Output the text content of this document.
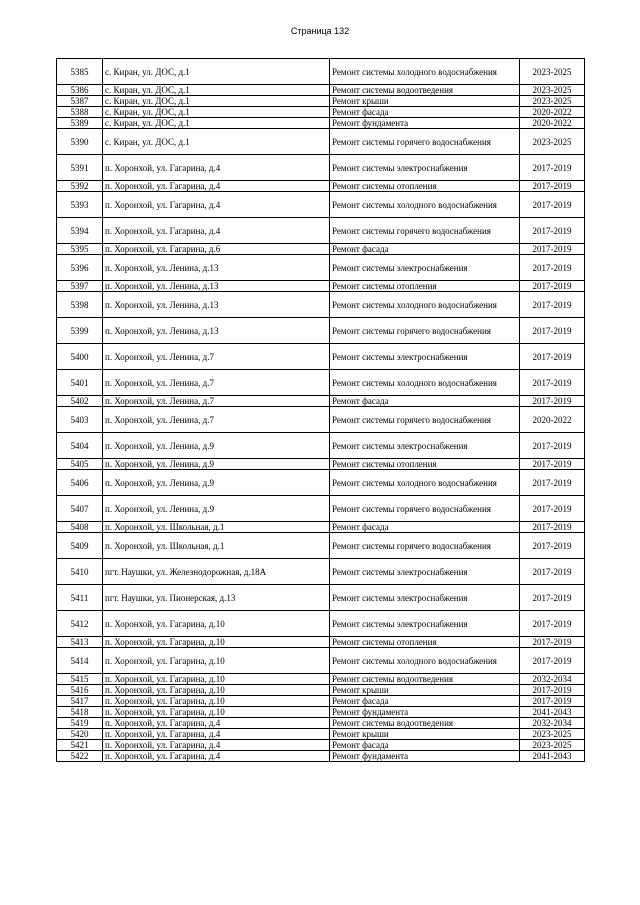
Страница 132
5385	с. Киран, ул. ДОС, д.1	Ремонт системы холодного водоснабжения	2023-2025
5386	с. Киран, ул. ДОС, д.1	Ремонт системы водоотведения	2023-2025
5387	с. Киран, ул. ДОС, д.1	Ремонт крыши	2023-2025
5388	с. Киран, ул. ДОС, д.1	Ремонт фасада	2020-2022
5389	с. Киран, ул. ДОС, д.1	Ремонт фундамента	2020-2022
5390	с. Киран, ул. ДОС, д.1	Ремонт системы горячего водоснабжения	2023-2025
5391	п. Хоронхой, ул. Гагарина, д.4	Ремонт системы электроснабжения	2017-2019
5392	п. Хоронхой, ул. Гагарина, д.4	Ремонт системы отопления	2017-2019
5393	п. Хоронхой, ул. Гагарина, д.4	Ремонт системы холодного водоснабжения	2017-2019
5394	п. Хоронхой, ул. Гагарина, д.4	Ремонт системы горячего водоснабжения	2017-2019
5395	п. Хоронхой, ул. Гагарина, д.6	Ремонт фасада	2017-2019
5396	п. Хоронхой, ул. Ленина, д.13	Ремонт системы электроснабжения	2017-2019
5397	п. Хоронхой, ул. Ленина, д.13	Ремонт системы отопления	2017-2019
5398	п. Хоронхой, ул. Ленина, д.13	Ремонт системы холодного водоснабжения	2017-2019
5399	п. Хоронхой, ул. Ленина, д.13	Ремонт системы горячего водоснабжения	2017-2019
5400	п. Хоронхой, ул. Ленина, д.7	Ремонт системы электроснабжения	2017-2019
5401	п. Хоронхой, ул. Ленина, д.7	Ремонт системы холодного водоснабжения	2017-2019
5402	п. Хоронхой, ул. Ленина, д.7	Ремонт фасада	2017-2019
5403	п. Хоронхой, ул. Ленина, д.7	Ремонт системы горячего водоснабжения	2020-2022
5404	п. Хоронхой, ул. Ленина, д.9	Ремонт системы электроснабжения	2017-2019
5405	п. Хоронхой, ул. Ленина, д.9	Ремонт системы отопления	2017-2019
5406	п. Хоронхой, ул. Ленина, д.9	Ремонт системы холодного водоснабжения	2017-2019
5407	п. Хоронхой, ул. Ленина, д.9	Ремонт системы горячего водоснабжения	2017-2019
5408	п. Хоронхой, ул. Школьная, д.1	Ремонт фасада	2017-2019
5409	п. Хоронхой, ул. Школьная, д.1	Ремонт системы горячего водоснабжения	2017-2019
5410	пгт. Наушки, ул. Железнодорожная, д.18А	Ремонт системы электроснабжения	2017-2019
5411	пгт. Наушки, ул. Пионерская, д.13	Ремонт системы электроснабжения	2017-2019
5412	п. Хоронхой, ул. Гагарина, д.10	Ремонт системы электроснабжения	2017-2019
5413	п. Хоронхой, ул. Гагарина, д.10	Ремонт системы отопления	2017-2019
5414	п. Хоронхой, ул. Гагарина, д.10	Ремонт системы холодного водоснабжения	2017-2019
5415	п. Хоронхой, ул. Гагарина, д.10	Ремонт системы водоотведения	2032-2034
5416	п. Хоронхой, ул. Гагарина, д.10	Ремонт крыши	2017-2019
5417	п. Хоронхой, ул. Гагарина, д.10	Ремонт фасада	2017-2019
5418	п. Хоронхой, ул. Гагарина, д.10	Ремонт фундамента	2041-2043
5419	п. Хоронхой, ул. Гагарина, д.4	Ремонт системы водоотведения	2032-2034
5420	п. Хоронхой, ул. Гагарина, д.4	Ремонт крыши	2023-2025
5421	п. Хоронхой, ул. Гагарина, д.4	Ремонт фасада	2023-2025
5422	п. Хоронхой, ул. Гагарина, д.4	Ремонт фундамента	2041-2043
